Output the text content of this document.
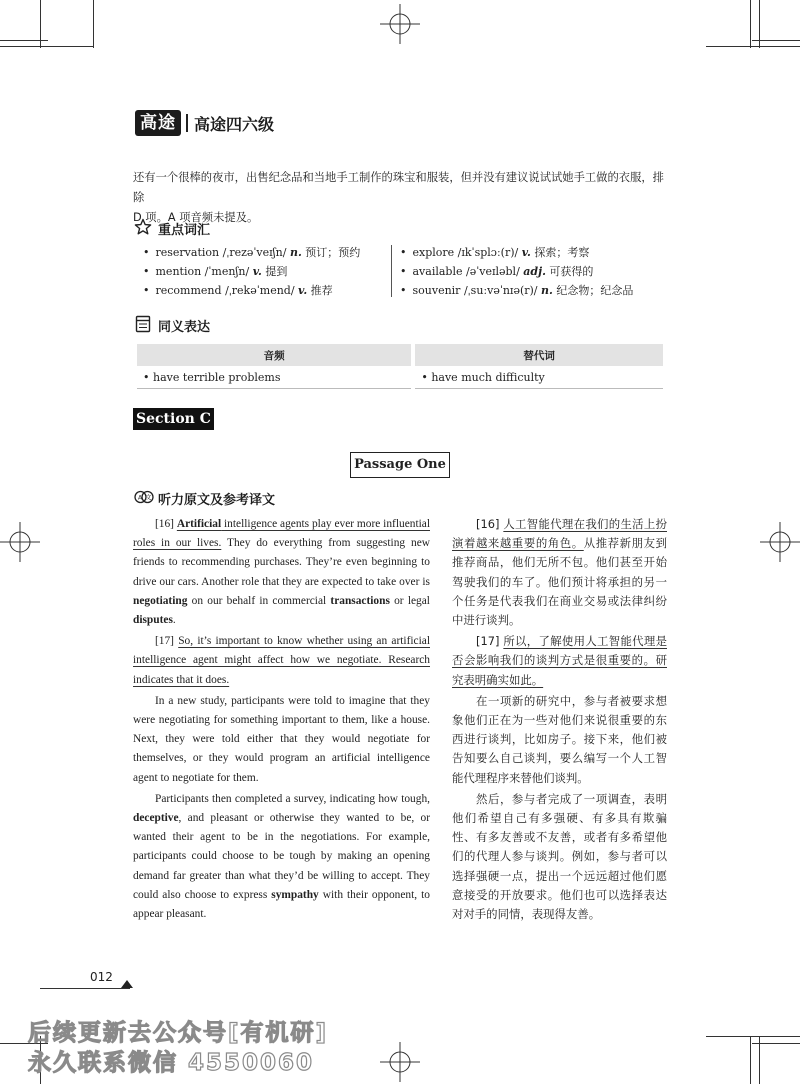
高途	高途四六级
还有一个很棒的夜市，出售纪念品和当地手工制作的珠宝和服装，但并没有建议说试试她手工做的衣服，排除
D 项。A 项音频未提及。
重点词汇
• reservation /ˌrezəˈveɪʃn/ n. 预订；预约
• mention /ˈmenʃn/ v. 提到
• recommend /ˌrekəˈmend/ v. 推荐
• explore /ɪkˈsplɔː(r)/ v. 探索；考察
• available /əˈveɪləbl/ adj. 可获得的
• souvenir /ˌsuːvəˈnɪə(r)/ n. 纪念物；纪念品
同义表达
音频	替代词
• have terrible problems	• have much difficulty
Section C
Passage One
A 文 听力原文及参考译文

[16] Artificial intelligence agents play ever more influential roles in our lives. They do everything from suggesting new friends to recommending purchases. They’re even beginning to drive our cars. Another role that they are expected to take over is negotiating on our behalf in commercial transactions or legal disputes.

[17] So, it’s important to know whether using an artificial intelligence agent might affect how we negotiate. Research indicates that it does.

In a new study, participants were told to imagine that they were negotiating for something important to them, like a house. Next, they were told either that they would negotiate for themselves, or they would program an artificial intelligence agent to negotiate for them.

Participants then completed a survey, indicating how tough, deceptive, and pleasant or otherwise they wanted to be, or wanted their agent to be in the negotiations. For example, participants could choose to be tough by making an opening demand far greater than what they’d be willing to accept. They could also choose to express sympathy with their opponent, to appear pleasant.

[16] 人工智能代理在我们的生活上扮演着越来越重要的角色。从推荐新朋友到推荐商品，他们无所不包。他们甚至开始驾驶我们的车了。他们预计将承担的另一个任务是代表我们在商业交易或法律纠纷中进行谈判。

[17] 所以，了解使用人工智能代理是否会影响我们的谈判方式是很重要的。研究表明确实如此。

在一项新的研究中，参与者被要求想象他们正在为一些对他们来说很重要的东西进行谈判，比如房子。接下来，他们被告知要么自己谈判，要么编写一个人工智能代理程序来替他们谈判。

然后，参与者完成了一项调查，表明他们希望自己有多强硬、有多具有欺骗性、有多友善或不友善，或者有多希望他们的代理人参与谈判。例如，参与者可以选择强硬一点，提出一个远远超过他们愿意接受的开放要求。他们也可以选择表达对对手的同情，表现得友善。

012
后续更新去公众号[有机研]
永久联系微信 4550060
